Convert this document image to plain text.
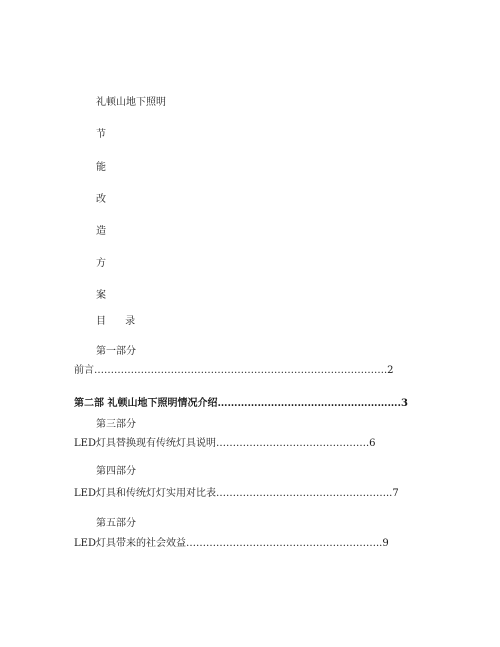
礼顿山地下照明
节
能
改
造
方
案
目 录
第一部分
前言…………………………………………………………………………….2
第二部 礼顿山地下照明情况介绍……………………………………………….3
第三部分
LED灯具替换现有传统灯具说明……………………………………….6
第四部分
LED灯具和传统灯灯实用对比表……………………………………………..7
第五部分
LED灯具带来的社会效益…………………………………………………..9
